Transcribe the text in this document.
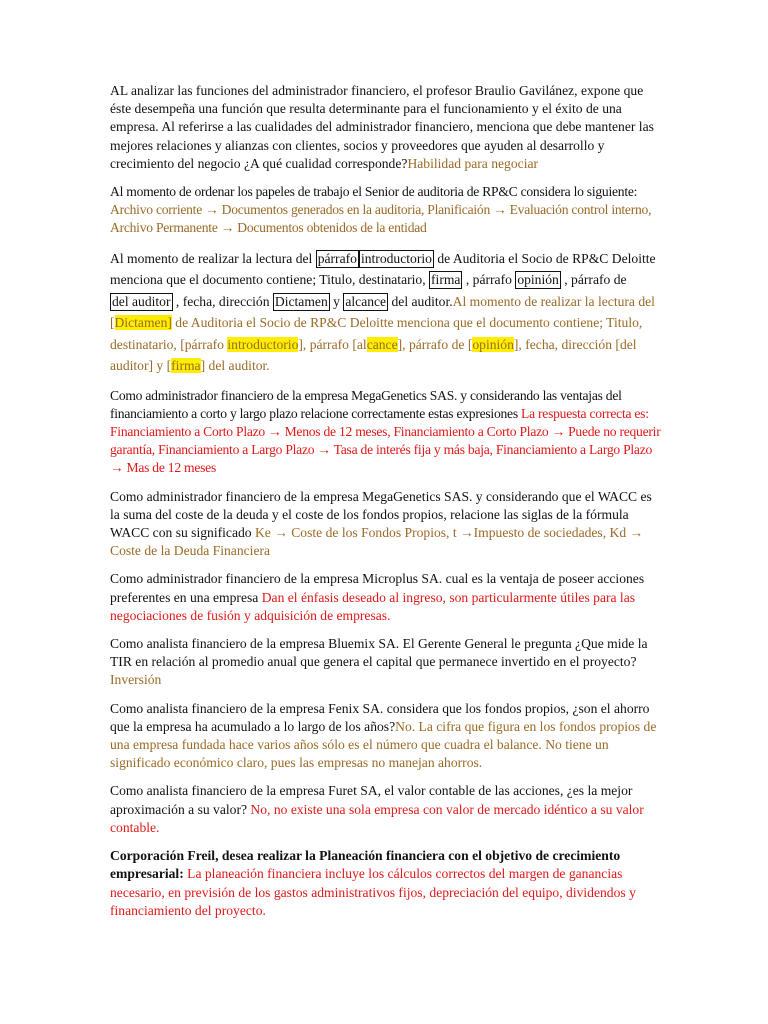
AL analizar las funciones del administrador financiero, el profesor Braulio Gavilánez, expone que éste desempeña una función que resulta determinante para el funcionamiento y el éxito de una empresa. Al referirse a las cualidades del administrador financiero, menciona que debe mantener las mejores relaciones y alianzas con clientes, socios y proveedores que ayuden al desarrollo y crecimiento del negocio ¿A qué cualidad corresponde?Habilidad para negociar

Al momento de ordenar los papeles de trabajo el Senior de auditoria de RP&C considera lo siguiente: Archivo corriente → Documentos generados en la auditoria, Planificaión → Evaluación control interno, Archivo Permanente → Documentos obtenidos de la entidad

Al momento de realizar la lectura del párrafo introductorio de Auditoria el Socio de RP&C Deloitte menciona que el documento contiene; Titulo, destinatario, firma , párrafo opinión , párrafo de del auditor , fecha, dirección Dictamen y alcance del auditor.Al momento de realizar la lectura del [Dictamen] de Auditoria el Socio de RP&C Deloitte menciona que el documento contiene; Titulo, destinatario, [párrafo introductorio], párrafo [alcance], párrafo de [opinión], fecha, dirección [del auditor] y [firma] del auditor.

Como administrador financiero de la empresa MegaGenetics SAS. y considerando las ventajas del financiamiento a corto y largo plazo relacione correctamente estas expresiones La respuesta correcta es: Financiamiento a Corto Plazo → Menos de 12 meses, Financiamiento a Corto Plazo → Puede no requerir garantía, Financiamiento a Largo Plazo → Tasa de interés fija y más baja, Financiamiento a Largo Plazo → Mas de 12 meses

Como administrador financiero de la empresa MegaGenetics SAS. y considerando que el WACC es la suma del coste de la deuda y el coste de los fondos propios, relacione las siglas de la fórmula WACC con su significado Ke → Coste de los Fondos Propios, t →Impuesto de sociedades, Kd → Coste de la Deuda Financiera

Como administrador financiero de la empresa Microplus SA. cual es la ventaja de poseer acciones preferentes en una empresa Dan el énfasis deseado al ingreso, son particularmente útiles para las negociaciones de fusión y adquisición de empresas.

Como analista financiero de la empresa Bluemix SA. El Gerente General le pregunta ¿Que mide la TIR en relación al promedio anual que genera el capital que permanece invertido en el proyecto? Inversión

Como analista financiero de la empresa Fenix SA. considera que los fondos propios, ¿son el ahorro que la empresa ha acumulado a lo largo de los años?No. La cifra que figura en los fondos propios de una empresa fundada hace varios años sólo es el número que cuadra el balance. No tiene un significado económico claro, pues las empresas no manejan ahorros.

Como analista financiero de la empresa Furet SA, el valor contable de las acciones, ¿es la mejor aproximación a su valor? No, no existe una sola empresa con valor de mercado idéntico a su valor contable.

Corporación Freil, desea realizar la Planeación financiera con el objetivo de crecimiento empresarial: La planeación financiera incluye los cálculos correctos del margen de ganancias necesario, en previsión de los gastos administrativos fijos, depreciación del equipo, dividendos y financiamiento del proyecto.
